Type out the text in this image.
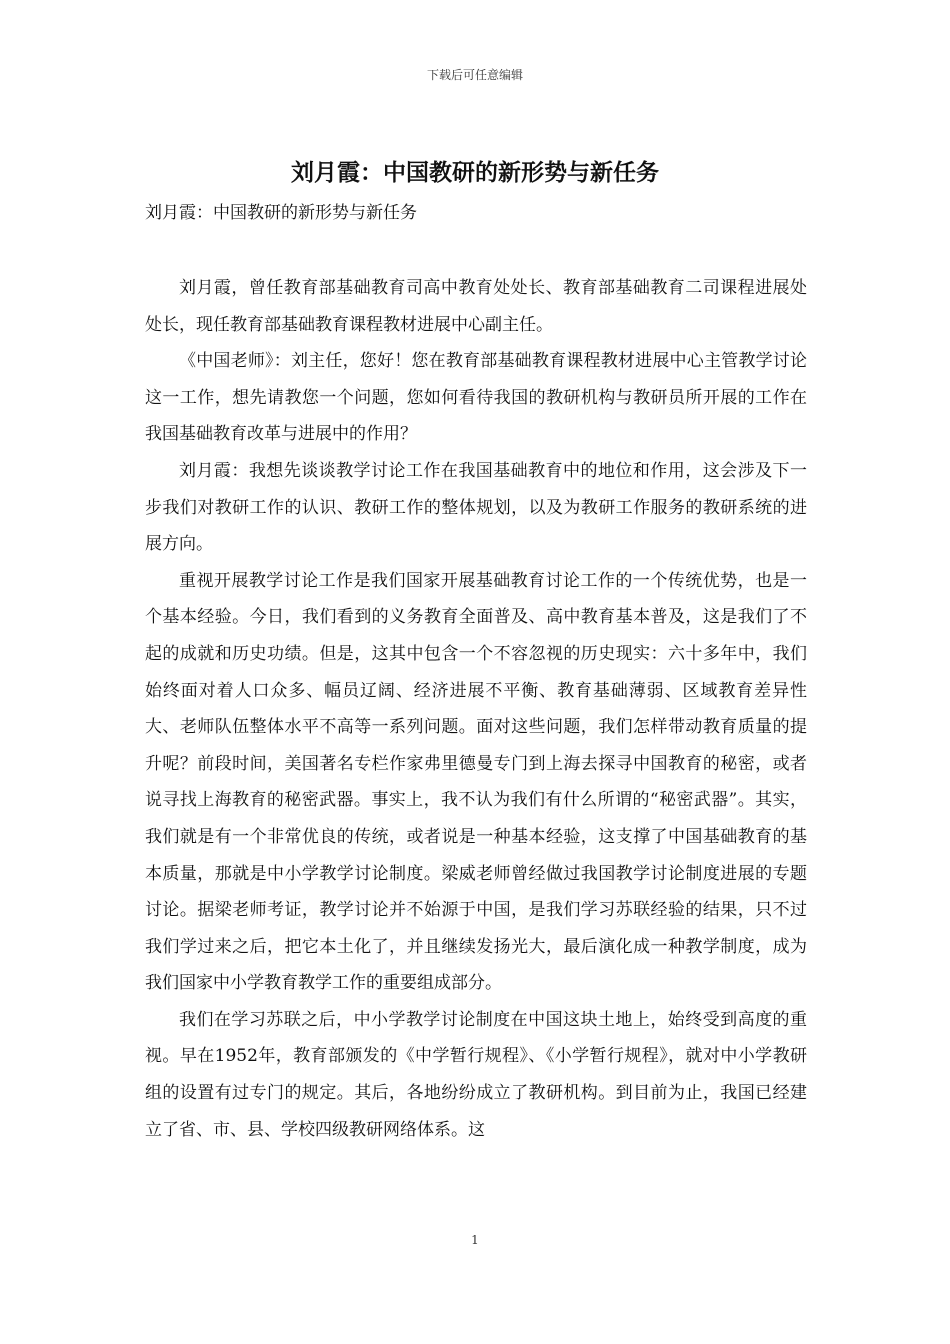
下载后可任意编辑
刘月霞：中国教研的新形势与新任务
刘月霞：中国教研的新形势与新任务

刘月霞，曾任教育部基础教育司高中教育处处长、教育部基础教育二司课程进展处处长，现任教育部基础教育课程教材进展中心副主任。

《中国老师》：刘主任，您好！您在教育部基础教育课程教材进展中心主管教学讨论这一工作，想先请教您一个问题，您如何看待我国的教研机构与教研员所开展的工作在我国基础教育改革与进展中的作用？

刘月霞：我想先谈谈教学讨论工作在我国基础教育中的地位和作用，这会涉及下一步我们对教研工作的认识、教研工作的整体规划，以及为教研工作服务的教研系统的进展方向。

重视开展教学讨论工作是我们国家开展基础教育讨论工作的一个传统优势，也是一个基本经验。今日，我们看到的义务教育全面普及、高中教育基本普及，这是我们了不起的成就和历史功绩。但是，这其中包含一个不容忽视的历史现实：六十多年中，我们始终面对着人口众多、幅员辽阔、经济进展不平衡、教育基础薄弱、区域教育差异性大、老师队伍整体水平不高等一系列问题。面对这些问题，我们怎样带动教育质量的提升呢？前段时间，美国著名专栏作家弗里德曼专门到上海去探寻中国教育的秘密，或者说寻找上海教育的秘密武器。事实上，我不认为我们有什么所谓的“秘密武器”。其实，我们就是有一个非常优良的传统，或者说是一种基本经验，这支撑了中国基础教育的基本质量，那就是中小学教学讨论制度。梁威老师曾经做过我国教学讨论制度进展的专题讨论。据梁老师考证，教学讨论并不始源于中国，是我们学习苏联经验的结果，只不过我们学过来之后，把它本土化了，并且继续发扬光大，最后演化成一种教学制度，成为我们国家中小学教育教学工作的重要组成部分。

我们在学习苏联之后，中小学教学讨论制度在中国这块土地上，始终受到高度的重视。早在1952年，教育部颁发的《中学暂行规程》、《小学暂行规程》，就对中小学教研组的设置有过专门的规定。其后，各地纷纷成立了教研机构。到目前为止，我国已经建立了省、市、县、学校四级教研网络体系。这

1
